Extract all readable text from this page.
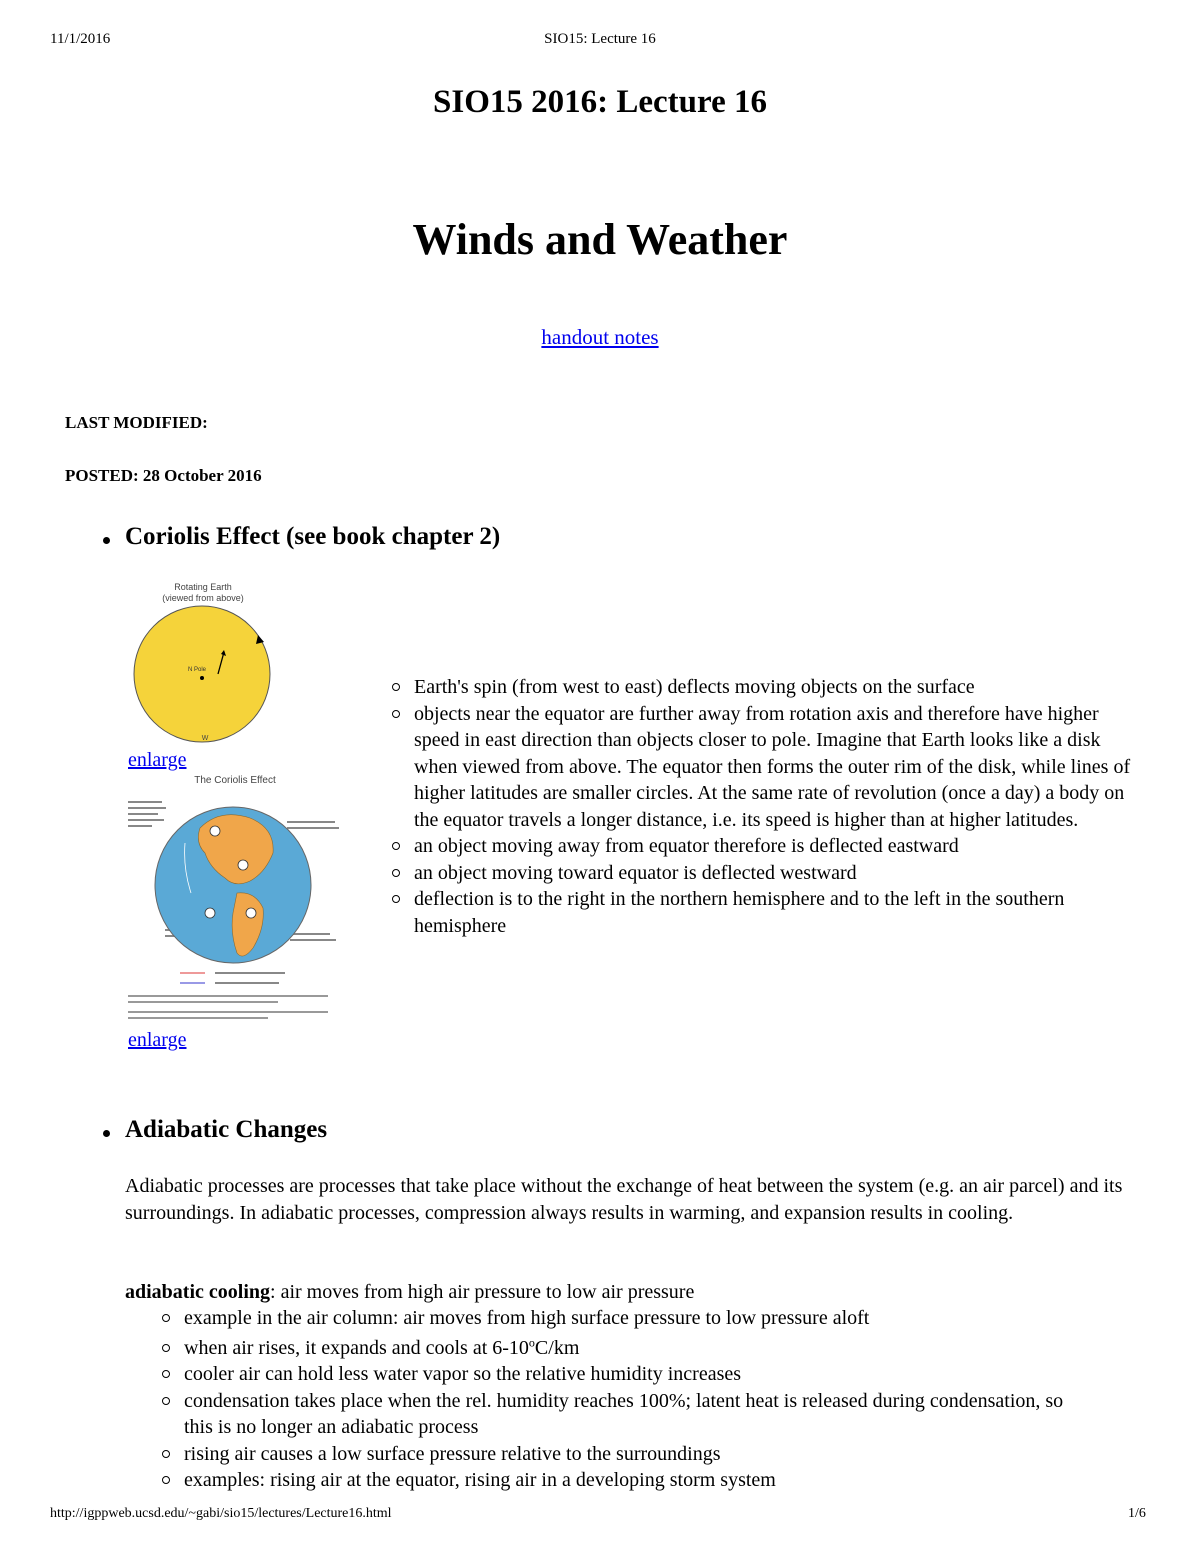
11/1/2016	SIO15: Lecture 16
SIO15 2016: Lecture 16
Winds and Weather
handout notes
LAST MODIFIED:
POSTED: 28 October 2016
Coriolis Effect (see book chapter 2)
Rotating Earth
(viewed from above)
N Pole
W
enlarge
The Coriolis Effect
enlarge
Earth's spin (from west to east) deflects moving objects on the surface
objects near the equator are further away from rotation axis and therefore have higher speed in east direction than objects closer to pole. Imagine that Earth looks like a disk when viewed from above. The equator then forms the outer rim of the disk, while lines of higher latitudes are smaller circles. At the same rate of revolution (once a day) a body on the equator travels a longer distance, i.e. its speed is higher than at higher latitudes.
an object moving away from equator therefore is deflected eastward
an object moving toward equator is deflected westward
deflection is to the right in the northern hemisphere and to the left in the southern hemisphere
Adiabatic Changes
Adiabatic processes are processes that take place without the exchange of heat between the system (e.g. an air parcel) and its surroundings. In adiabatic processes, compression always results in warming, and expansion results in cooling.
adiabatic cooling: air moves from high air pressure to low air pressure
example in the air column: air moves from high surface pressure to low pressure aloft
when air rises, it expands and cools at 6-10$^o$C/km
cooler air can hold less water vapor so the relative humidity increases
condensation takes place when the rel. humidity reaches 100%; latent heat is released during condensation, so this is no longer an adiabatic process
rising air causes a low surface pressure relative to the surroundings
examples: rising air at the equator, rising air in a developing storm system
http://igppweb.ucsd.edu/~gabi/sio15/lectures/Lecture16.html	1/6
